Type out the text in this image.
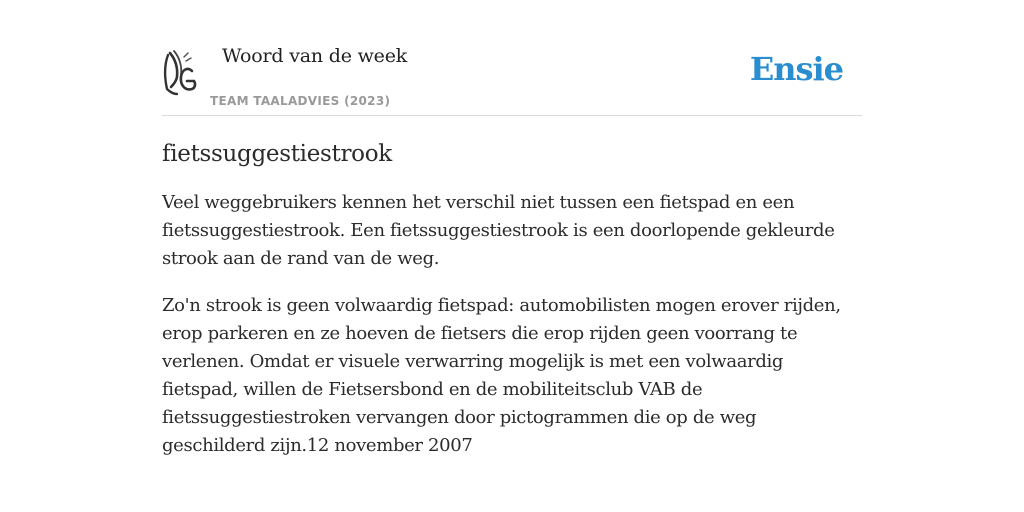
Woord van de week
TEAM TAALADVIES (2023)
Ensie
fietssuggestiestrook

Veel weggebruikers kennen het verschil niet tussen een fietspad en een fietssuggestiestrook. Een fietssuggestiestrook is een doorlopende gekleurde strook aan de rand van de weg.

Zo'n strook is geen volwaardig fietspad: automobilisten mogen erover rijden, erop parkeren en ze hoeven de fietsers die erop rijden geen voorrang te verlenen. Omdat er visuele verwarring mogelijk is met een volwaardig fietspad, willen de Fietsersbond en de mobiliteitsclub VAB de fietssuggestiestroken vervangen door pictogrammen die op de weg geschilderd zijn.12 november 2007
